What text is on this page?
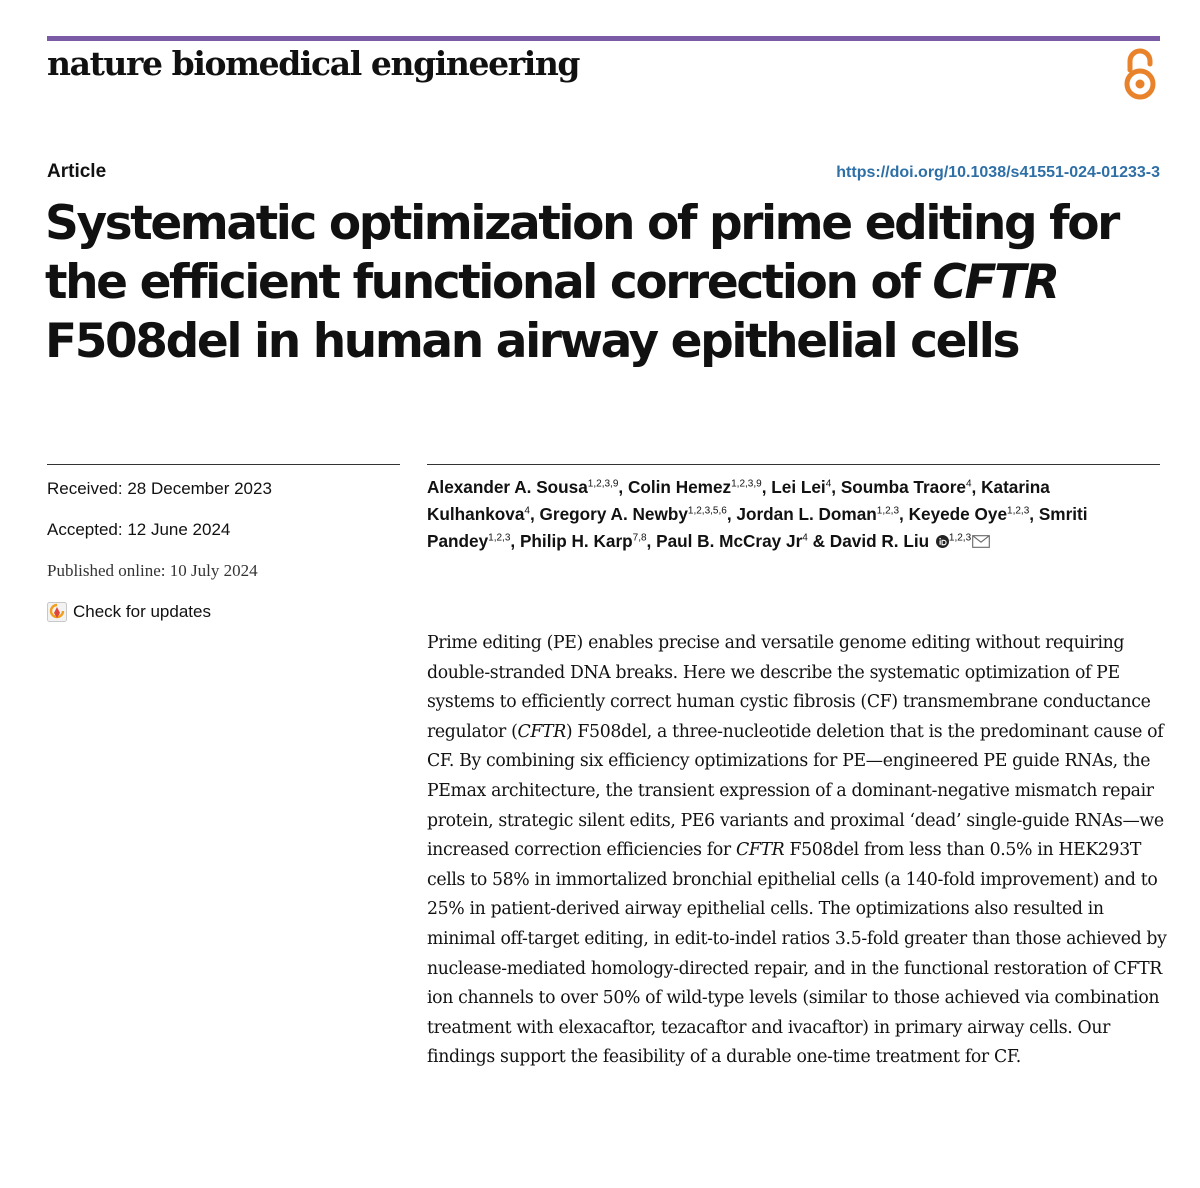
nature biomedical engineering
Article	https://doi.org/10.1038/s41551-024-01233-3
Systematic optimization of prime editing for
the efficient functional correction of CFTR
F508del in human airway epithelial cells
Received: 28 December 2023
Accepted: 12 June 2024
Published online: 10 July 2024
Check for updates

Alexander A. Sousa$^{1,2,3,9}$, Colin Hemez$^{1,2,3,9}$, Lei Lei$^4$, Soumba Traore$^4$, Katarina Kulhankova$^4$, Gregory A. Newby$^{1,2,3,5,6}$, Jordan L. Doman$^{1,2,3}$, Keyede Oye$^{1,2,3}$, Smriti Pandey$^{1,2,3}$, Philip H. Karp$^{7,8}$, Paul B. McCray Jr$^4$ & David R. Liu $^{1,2,3}$

Prime editing (PE) enables precise and versatile genome editing without requiring double-stranded DNA breaks. Here we describe the systematic optimization of PE systems to efficiently correct human cystic fibrosis (CF) transmembrane conductance regulator (CFTR) F508del, a three-nucleotide deletion that is the predominant cause of CF. By combining six efficiency optimizations for PE—engineered PE guide RNAs, the PEmax architecture, the transient expression of a dominant-negative mismatch repair protein, strategic silent edits, PE6 variants and proximal ‘dead’ single-guide RNAs—we increased correction efficiencies for CFTR F508del from less than 0.5% in HEK293T cells to 58% in immortalized bronchial epithelial cells (a 140-fold improvement) and to 25% in patient-derived airway epithelial cells. The optimizations also resulted in minimal off-target editing, in edit-to-indel ratios 3.5-fold greater than those achieved by nuclease-mediated homology-directed repair, and in the functional restoration of CFTR ion channels to over 50% of wild-type levels (similar to those achieved via combination treatment with elexacaftor, tezacaftor and ivacaftor) in primary airway cells. Our findings support the feasibility of a durable one-time treatment for CF.
